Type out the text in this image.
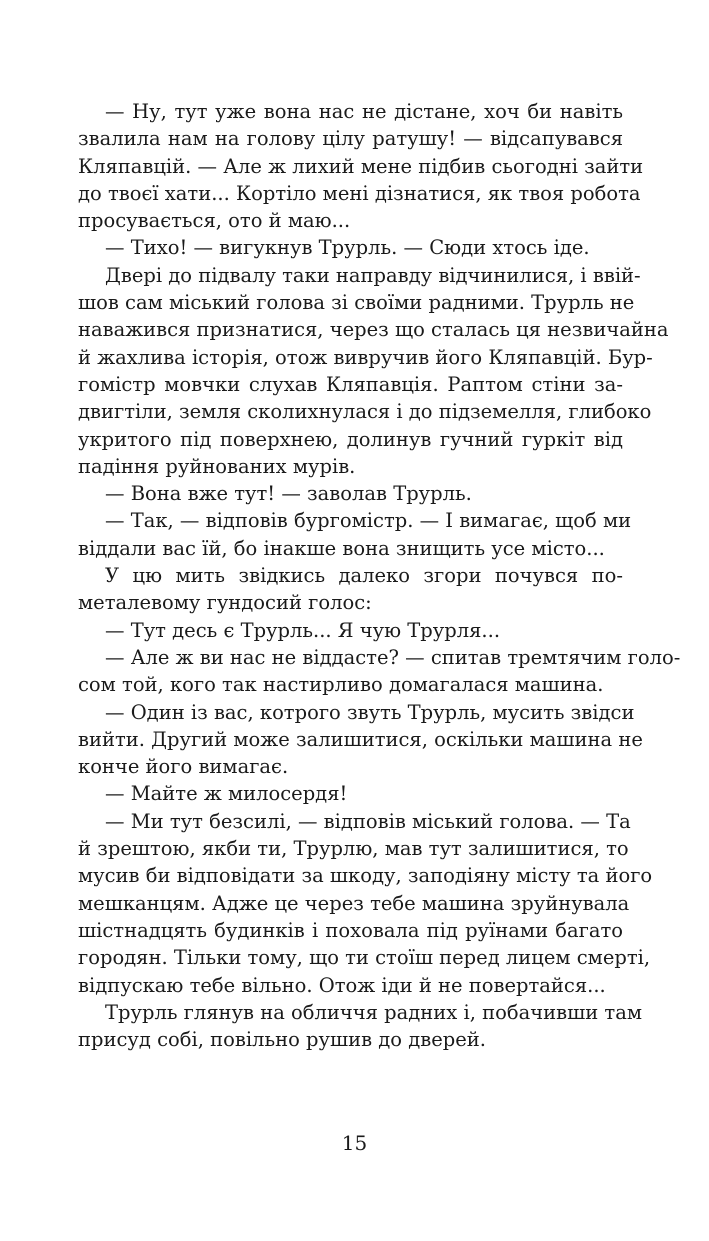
— Ну, тут уже вона нас не дістане, хоч би навіть
звалила нам на голову цілу ратушу! — відсапувався
Кляпавцій. — Але ж лихий мене підбив сьогодні зайти
до твоєї хати... Кортіло мені дізнатися, як твоя робота
просувається, ото й маю...
— Тихо! — вигукнув Трурль. — Сюди хтось іде.
Двері до підвалу таки направду відчинилися, і ввій-
шов сам міський голова зі своїми радними. Трурль не
наважився признатися, через що сталась ця незвичайна
й жахлива історія, отож вивручив його Кляпавцій. Бур-
гомістр мовчки слухав Кляпавція. Раптом стіни за-
двигтіли, земля сколихнулася і до підземелля, глибоко
укритого під поверхнею, долинув гучний гуркіт від
падіння руйнованих мурів.
— Вона вже тут! — заволав Трурль.
— Так, — відповів бургомістр. — І вимагає, щоб ми
віддали вас їй, бо інакше вона знищить усе місто...
У цю мить звідкись далеко згори почувся по-
металевому гундосий голос:
— Тут десь є Трурль... Я чую Трурля...
— Але ж ви нас не віддасте? — спитав тремтячим голо-
сом той, кого так настирливо домагалася машина.
— Один із вас, котрого звуть Трурль, мусить звідси
вийти. Другий може залишитися, оскільки машина не
конче його вимагає.
— Майте ж милосердя!
— Ми тут безсилі, — відповів міський голова. — Та
й зрештою, якби ти, Трурлю, мав тут залишитися, то
мусив би відповідати за шкоду, заподіяну місту та його
мешканцям. Адже це через тебе машина зруйнувала
шістнадцять будинків і поховала під руїнами багато
городян. Тільки тому, що ти стоїш перед лицем смерті,
відпускаю тебе вільно. Отож іди й не повертайся...
Трурль глянув на обличчя радних і, побачивши там
присуд собі, повільно рушив до дверей.
15
